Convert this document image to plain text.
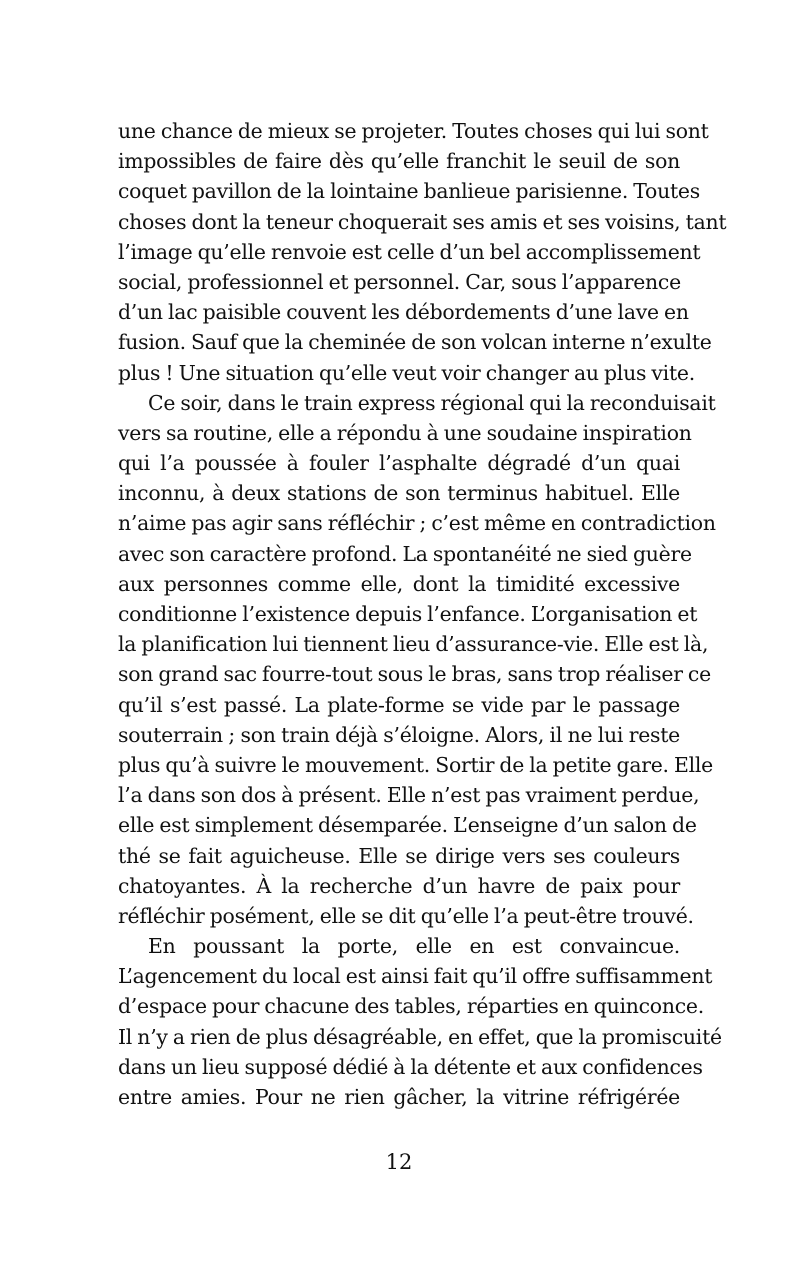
une chance de mieux se projeter. Toutes choses qui lui sont
impossibles de faire dès qu’elle franchit le seuil de son
coquet pavillon de la lointaine banlieue parisienne. Toutes
choses dont la teneur choquerait ses amis et ses voisins, tant
l’image qu’elle renvoie est celle d’un bel accomplissement
social, professionnel et personnel. Car, sous l’apparence
d’un lac paisible couvent les débordements d’une lave en
fusion. Sauf que la cheminée de son volcan interne n’exulte
plus ! Une situation qu’elle veut voir changer au plus vite.
Ce soir, dans le train express régional qui la reconduisait
vers sa routine, elle a répondu à une soudaine inspiration
qui l’a poussée à fouler l’asphalte dégradé d’un quai
inconnu, à deux stations de son terminus habituel. Elle
n’aime pas agir sans réfléchir ; c’est même en contradiction
avec son caractère profond. La spontanéité ne sied guère
aux personnes comme elle, dont la timidité excessive
conditionne l’existence depuis l’enfance. L’organisation et
la planification lui tiennent lieu d’assurance-vie. Elle est là,
son grand sac fourre-tout sous le bras, sans trop réaliser ce
qu’il s’est passé. La plate-forme se vide par le passage
souterrain ; son train déjà s’éloigne. Alors, il ne lui reste
plus qu’à suivre le mouvement. Sortir de la petite gare. Elle
l’a dans son dos à présent. Elle n’est pas vraiment perdue,
elle est simplement désemparée. L’enseigne d’un salon de
thé se fait aguicheuse. Elle se dirige vers ses couleurs
chatoyantes. À la recherche d’un havre de paix pour
réfléchir posément, elle se dit qu’elle l’a peut-être trouvé.
En poussant la porte, elle en est convaincue.
L’agencement du local est ainsi fait qu’il offre suffisamment
d’espace pour chacune des tables, réparties en quinconce.
Il n’y a rien de plus désagréable, en effet, que la promiscuité
dans un lieu supposé dédié à la détente et aux confidences
entre amies. Pour ne rien gâcher, la vitrine réfrigérée
12
